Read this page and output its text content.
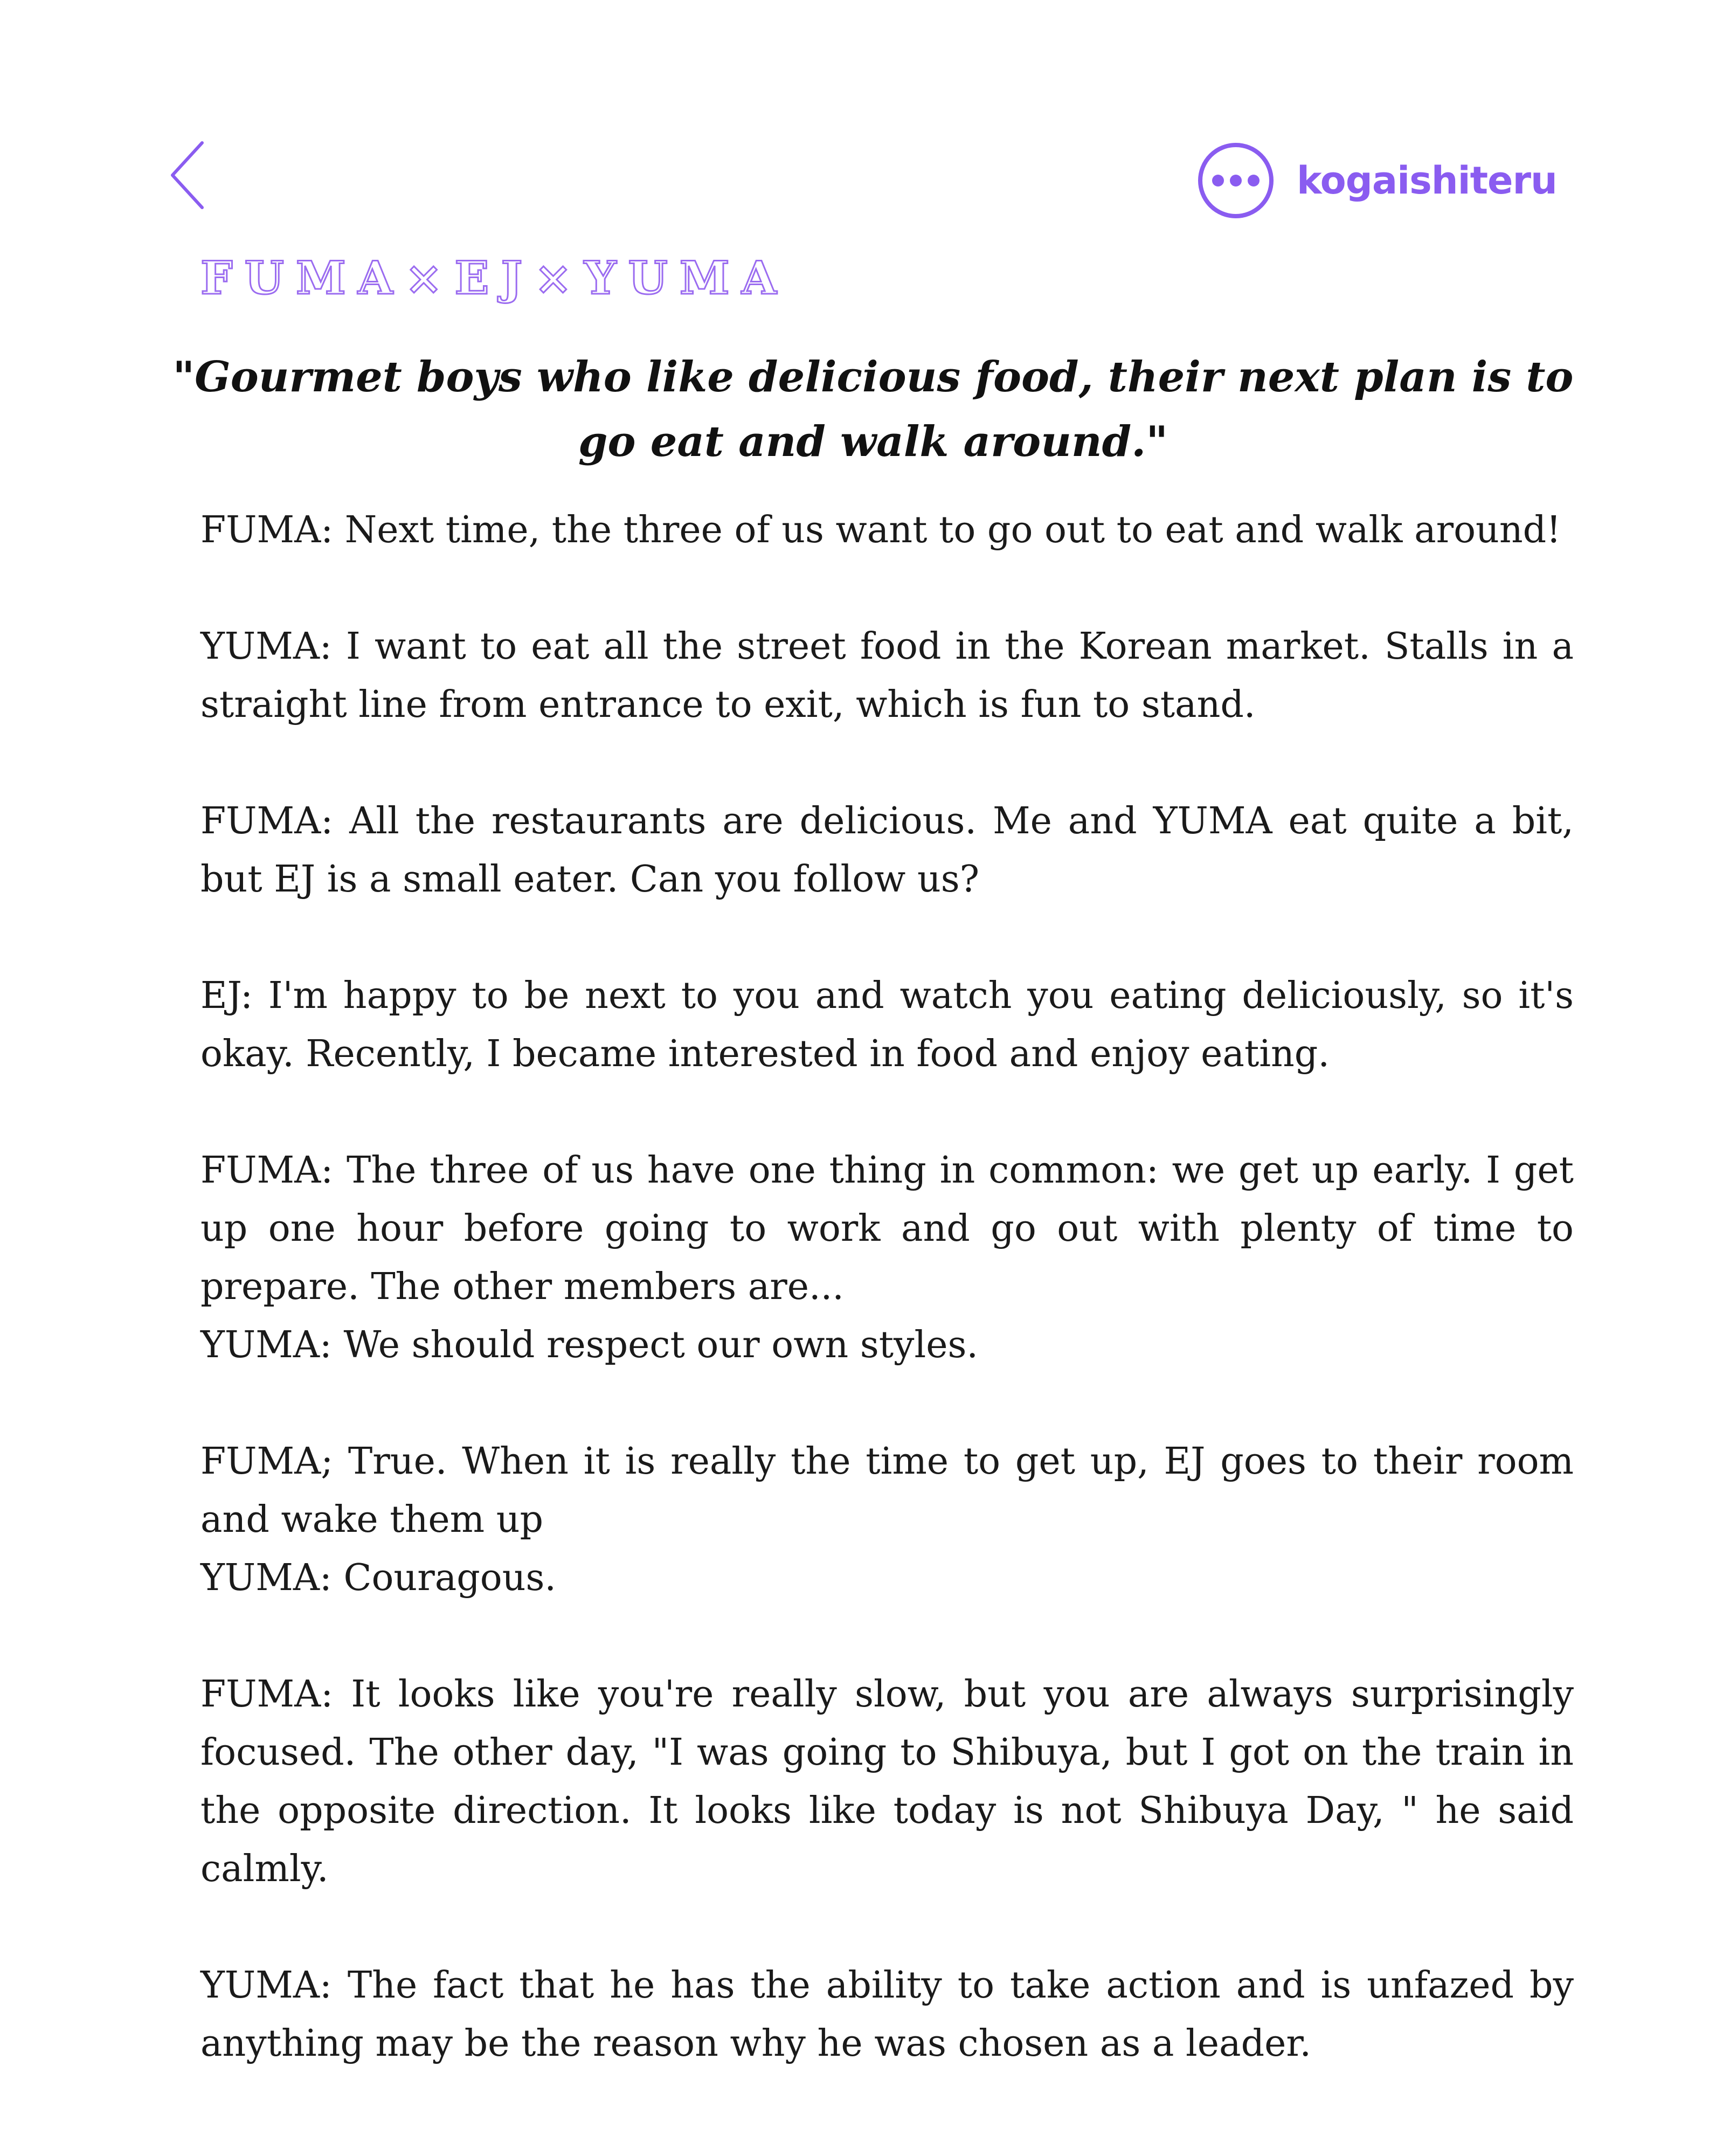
kogaishiteru
FUMA×EJ×YUMA
"Gourmet boys who like delicious food, their next plan is to go eat and walk around."

FUMA: Next time, the three of us want to go out to eat and walk around!

YUMA: I want to eat all the street food in the Korean market. Stalls in a straight line from entrance to exit, which is fun to stand.

FUMA: All the restaurants are delicious. Me and YUMA eat quite a bit, but EJ is a small eater. Can you follow us?

EJ: I'm happy to be next to you and watch you eating deliciously, so it's okay. Recently, I became interested in food and enjoy eating.

FUMA: The three of us have one thing in common: we get up early. I get up one hour before going to work and go out with plenty of time to prepare. The other members are...

YUMA: We should respect our own styles.

FUMA; True. When it is really the time to get up, EJ goes to their room and wake them up

YUMA: Couragous.

FUMA: It looks like you're really slow, but you are always surprisingly focused. The other day, "I was going to Shibuya, but I got on the train in the opposite direction. It looks like today is not Shibuya Day, " he said calmly.

YUMA: The fact that he has the ability to take action and is unfazed by anything may be the reason why he was chosen as a leader.
